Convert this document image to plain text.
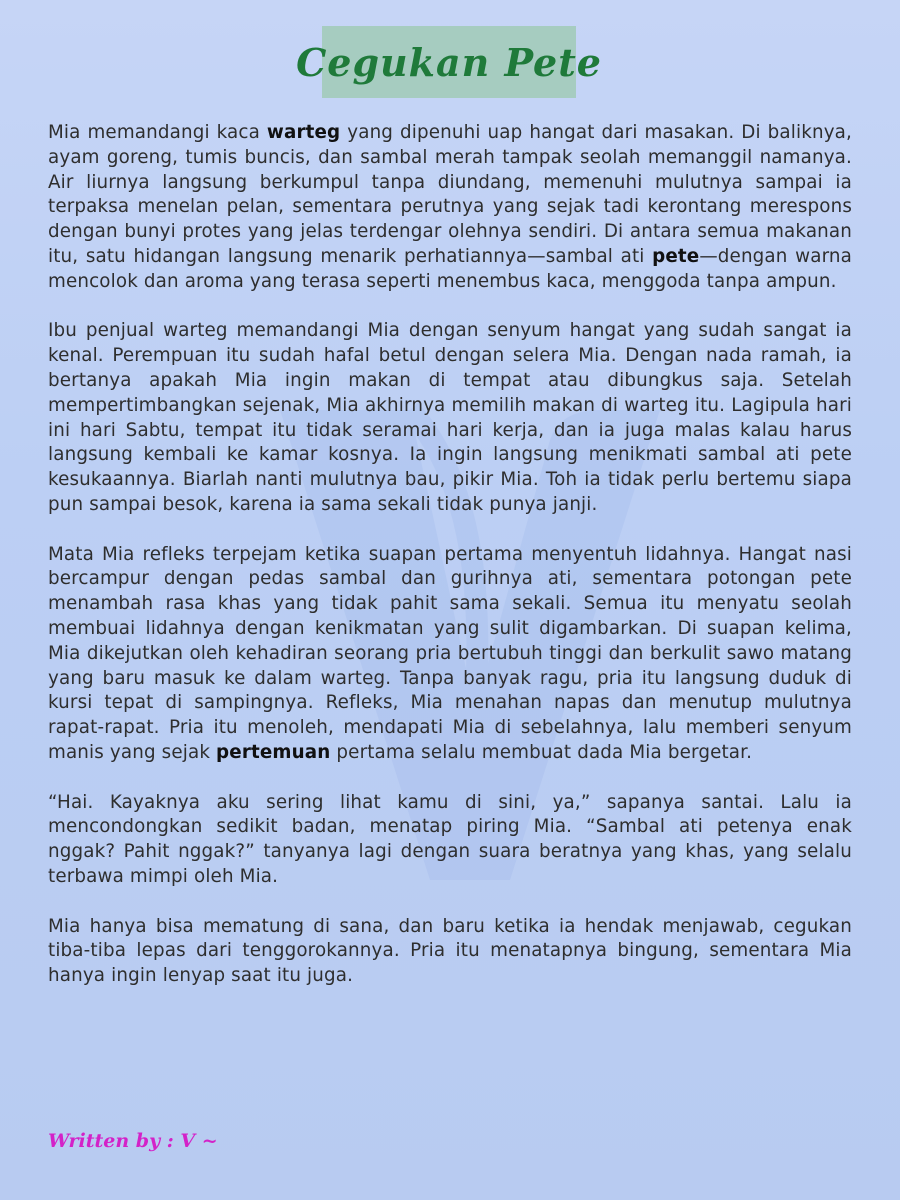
Cegukan Pete

Mia memandangi kaca warteg yang dipenuhi uap hangat dari masakan. Di baliknya, ayam goreng, tumis buncis, dan sambal merah tampak seolah memanggil namanya. Air liurnya langsung berkumpul tanpa diundang, memenuhi mulutnya sampai ia terpaksa menelan pelan, sementara perutnya yang sejak tadi kerontang merespons dengan bunyi protes yang jelas terdengar olehnya sendiri. Di antara semua makanan itu, satu hidangan langsung menarik perhatiannya—sambal ati pete—dengan warna mencolok dan aroma yang terasa seperti menembus kaca, menggoda tanpa ampun.

Ibu penjual warteg memandangi Mia dengan senyum hangat yang sudah sangat ia kenal. Perempuan itu sudah hafal betul dengan selera Mia. Dengan nada ramah, ia bertanya apakah Mia ingin makan di tempat atau dibungkus saja. Setelah mempertimbangkan sejenak, Mia akhirnya memilih makan di warteg itu. Lagipula hari ini hari Sabtu, tempat itu tidak seramai hari kerja, dan ia juga malas kalau harus langsung kembali ke kamar kosnya. Ia ingin langsung menikmati sambal ati pete kesukaannya. Biarlah nanti mulutnya bau, pikir Mia. Toh ia tidak perlu bertemu siapa pun sampai besok, karena ia sama sekali tidak punya janji.

Mata Mia refleks terpejam ketika suapan pertama menyentuh lidahnya. Hangat nasi bercampur dengan pedas sambal dan gurihnya ati, sementara potongan pete menambah rasa khas yang tidak pahit sama sekali. Semua itu menyatu seolah membuai lidahnya dengan kenikmatan yang sulit digambarkan. Di suapan kelima, Mia dikejutkan oleh kehadiran seorang pria bertubuh tinggi dan berkulit sawo matang yang baru masuk ke dalam warteg. Tanpa banyak ragu, pria itu langsung duduk di kursi tepat di sampingnya. Refleks, Mia menahan napas dan menutup mulutnya rapat-rapat. Pria itu menoleh, mendapati Mia di sebelahnya, lalu memberi senyum manis yang sejak pertemuan pertama selalu membuat dada Mia bergetar.

“Hai. Kayaknya aku sering lihat kamu di sini, ya,” sapanya santai. Lalu ia mencondongkan sedikit badan, menatap piring Mia. “Sambal ati petenya enak nggak? Pahit nggak?” tanyanya lagi dengan suara beratnya yang khas, yang selalu terbawa mimpi oleh Mia.

Mia hanya bisa mematung di sana, dan baru ketika ia hendak menjawab, cegukan tiba-tiba lepas dari tenggorokannya. Pria itu menatapnya bingung, sementara Mia hanya ingin lenyap saat itu juga.

Written by : V ~
